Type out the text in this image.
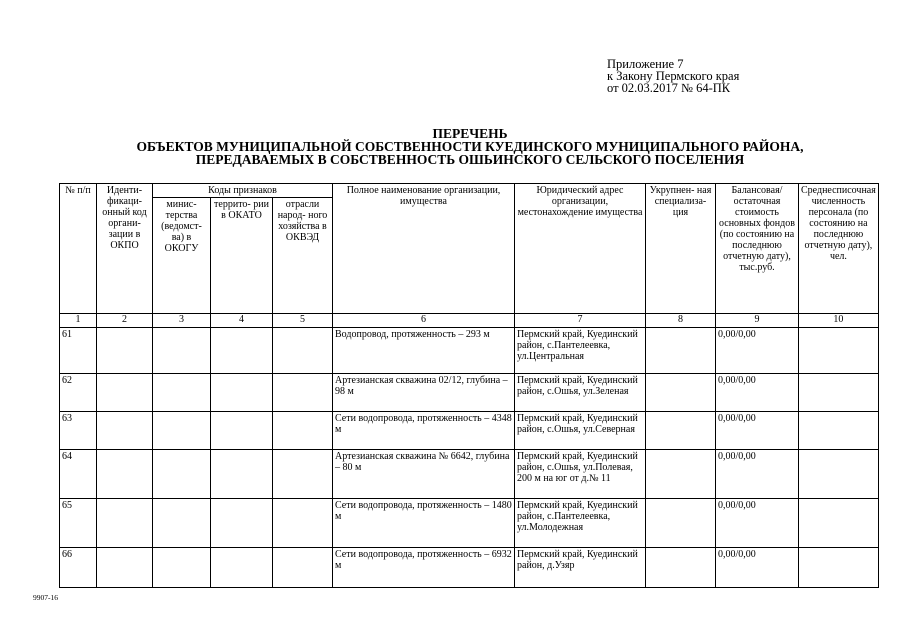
Приложение 7
к Закону Пермского края
от 02.03.2017 № 64-ПК
ПЕРЕЧЕНЬ
ОБЪЕКТОВ МУНИЦИПАЛЬНОЙ СОБСТВЕННОСТИ КУЕДИНСКОГО МУНИЦИПАЛЬНОГО РАЙОНА,
ПЕРЕДАВАЕМЫХ В СОБСТВЕННОСТЬ ОШЬИНСКОГО СЕЛЬСКОГО ПОСЕЛЕНИЯ
№ п/п	Иденти- фикаци- онный код органи- зации в ОКПО	Коды признаков			Полное наименование организации, имущества	Юридический адрес организации, местонахождение имущества	Укрупнен- ная специализа- ция	Балансовая/ остаточная стоимость основных фондов (по состоянию на последнюю отчетную дату), тыс.руб.	Среднесписочная численность персонала (по состоянию на последнюю отчетную дату), чел.
		минис- терства (ведомст- ва) в ОКОГУ	террито- рии в ОКАТО	отрасли народ- ного хозяйства в ОКВЭД					
1	2	3	4	5	6	7	8	9	10
61					Водопровод, протяженность – 293 м	Пермский край, Куединский район, с.Пантелеевка, ул.Центральная		0,00/0,00	
62					Артезианская скважина 02/12, глубина – 98 м	Пермский край, Куединский район, с.Ошья, ул.Зеленая		0,00/0,00	
63					Сети водопровода, протяженность – 4348 м	Пермский край, Куединский район, с.Ошья, ул.Северная		0,00/0,00	
64					Артезианская скважина № 6642, глубина – 80 м	Пермский край, Куединский район, с.Ошья, ул.Полевая, 200 м на юг от д.№ 11		0,00/0,00	
65					Сети водопровода, протяженность – 1480 м	Пермский край, Куединский район, с.Пантелеевка, ул.Молодежная		0,00/0,00	
66					Сети водопровода, протяженность – 6932 м	Пермский край, Куединский район, д.Узяр		0,00/0,00	
9907-16
